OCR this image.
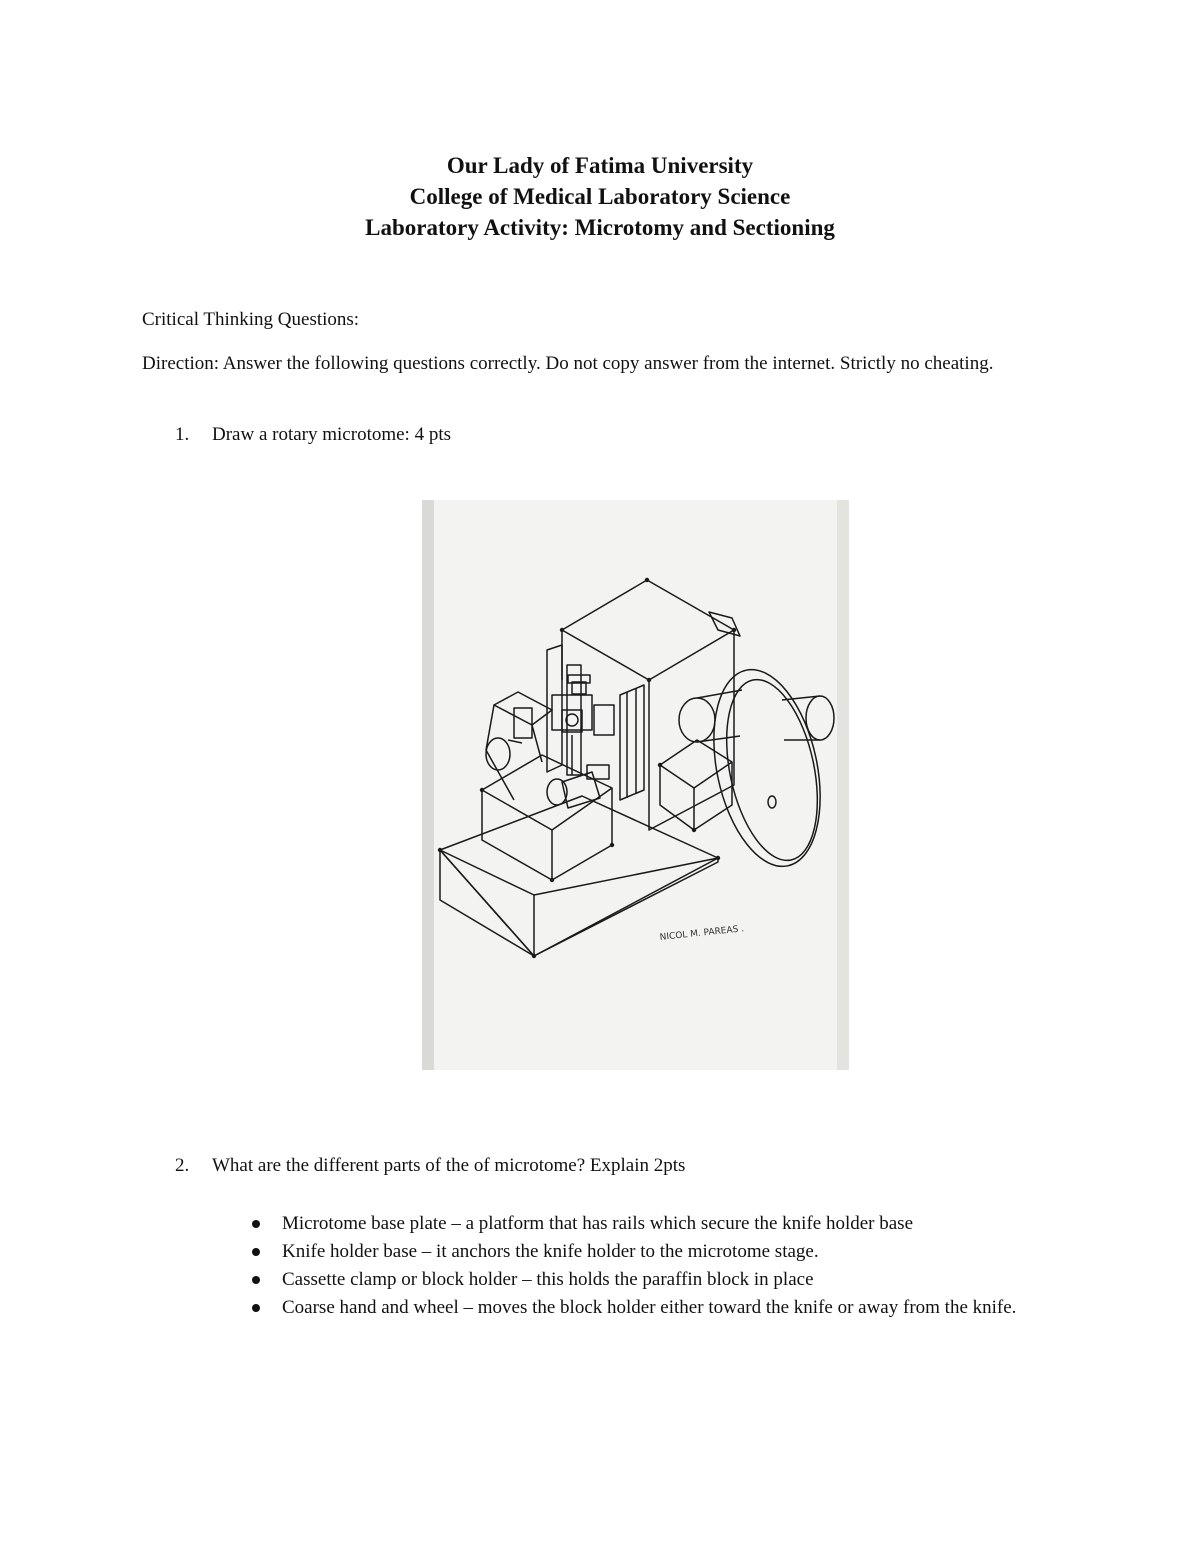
Our Lady of Fatima University
College of Medical Laboratory Science
Laboratory Activity: Microtomy and Sectioning
Critical Thinking Questions:
Direction: Answer the following questions correctly. Do not copy answer from the internet. Strictly no cheating.
1. Draw a rotary microtome: 4 pts
NICOL M. PAREAS .
2. What are the different parts of the of microtome? Explain 2pts
Microtome base plate – a platform that has rails which secure the knife holder base
Knife holder base – it anchors the knife holder to the microtome stage.
Cassette clamp or block holder – this holds the paraffin block in place
Coarse hand and wheel – moves the block holder either toward the knife or away from the knife.
